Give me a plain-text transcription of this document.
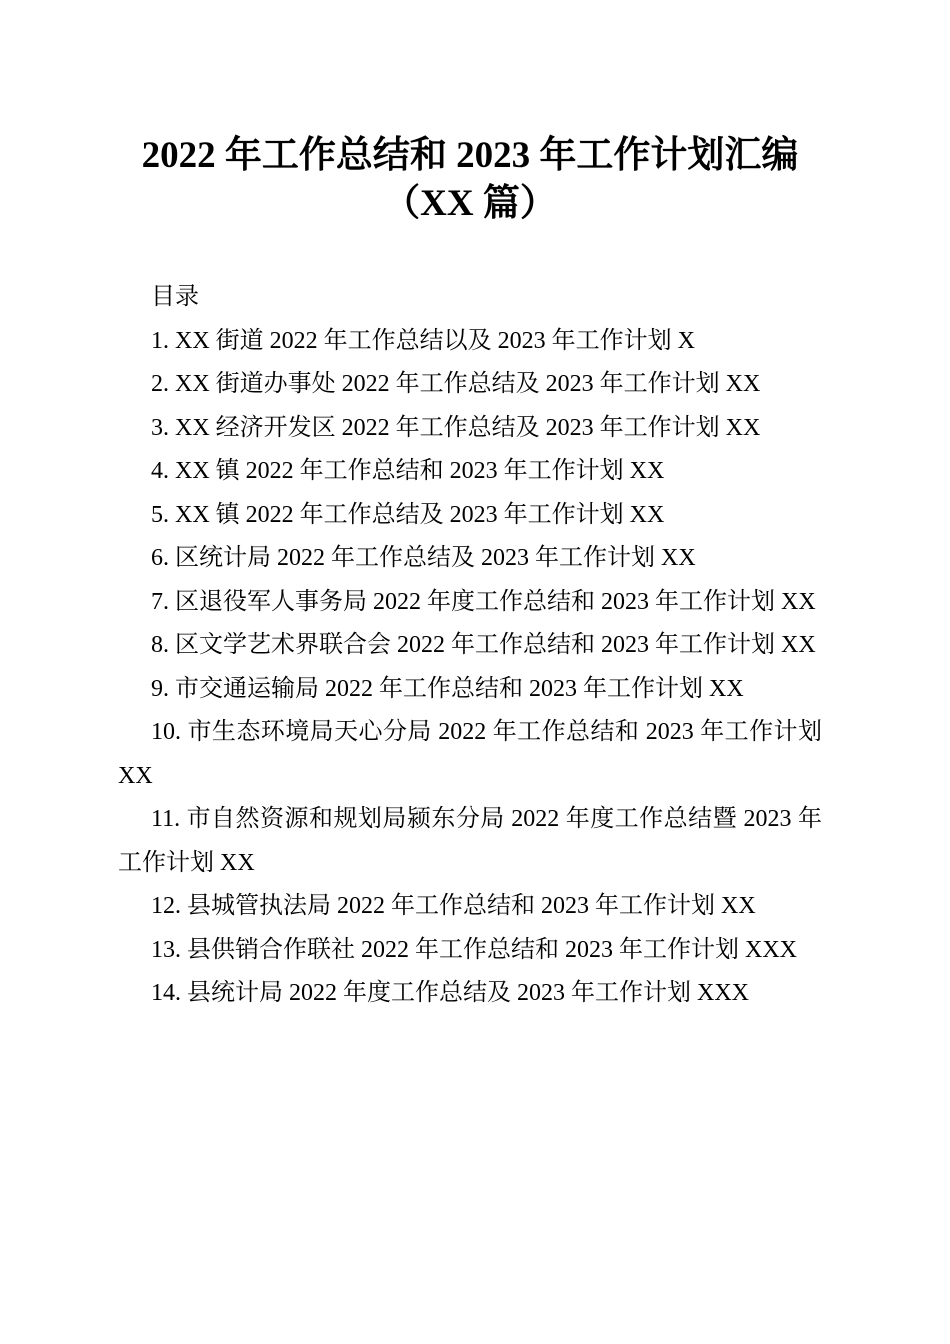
2022 年工作总结和 2023 年工作计划汇编（XX 篇）

目录

1. XX 街道 2022 年工作总结以及 2023 年工作计划 X

2. XX 街道办事处 2022 年工作总结及 2023 年工作计划 XX

3. XX 经济开发区 2022 年工作总结及 2023 年工作计划 XX

4. XX 镇 2022 年工作总结和 2023 年工作计划 XX

5. XX 镇 2022 年工作总结及 2023 年工作计划 XX

6. 区统计局 2022 年工作总结及 2023 年工作计划 XX

7. 区退役军人事务局 2022 年度工作总结和 2023 年工作计划 XX

8. 区文学艺术界联合会 2022 年工作总结和 2023 年工作计划 XX

9. 市交通运输局 2022 年工作总结和 2023 年工作计划 XX

10. 市生态环境局天心分局 2022 年工作总结和 2023 年工作计划 XX

11. 市自然资源和规划局颍东分局 2022 年度工作总结暨 2023 年工作计划 XX

12. 县城管执法局 2022 年工作总结和 2023 年工作计划 XX

13. 县供销合作联社 2022 年工作总结和 2023 年工作计划 XXX

14. 县统计局 2022 年度工作总结及 2023 年工作计划 XXX
